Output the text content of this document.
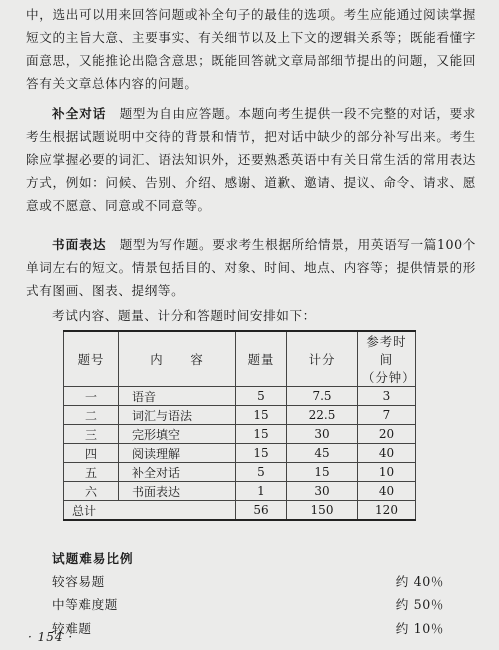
中，选出可以用来回答问题或补全句子的最佳的选项。考生应能通过阅读掌握短文的主旨大意、主要事实、有关细节以及上下文的逻辑关系等；既能看懂字面意思，又能推论出隐含意思；既能回答就文章局部细节提出的问题，又能回答有关文章总体内容的问题。

补全对话　 题型为自由应答题。本题向考生提供一段不完整的对话，要求考生根据试题说明中交待的背景和情节，把对话中缺少的部分补写出来。考生除应掌握必要的词汇、语法知识外，还要熟悉英语中有关日常生活的常用表达方式，例如：问候、告别、介绍、感谢、道歉、邀请、提议、命令、请求、愿意或不愿意、同意或不同意等。

书面表达　 题型为写作题。要求考生根据所给情景，用英语写一篇100个单词左右的短文。情景包括目的、对象、时间、地点、内容等；提供情景的形式有图画、图表、提纲等。

考试内容、题量、计分和答题时间安排如下：
题号	内　　容	题量	计分	参考时间
（分钟）

一	语音	5	7.5	3
二	词汇与语法	15	22.5	7
三	完形填空	15	30	20
四	阅读理解	15	45	40
五	补全对话	5	15	10
六	书面表达	1	30	40
总计		56	150	120
试题难易比例
较容易题	约 40％
中等难度题	约 50％
较难题	约 10％
· 154 ·
